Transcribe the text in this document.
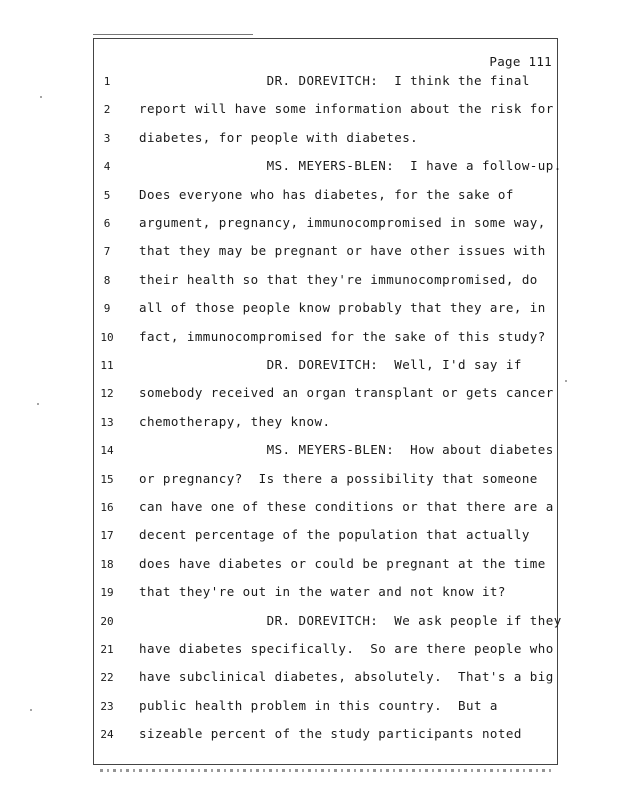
Page 111

1	DR. DOREVITCH:  I think the final
2	report will have some information about the risk for
3	diabetes, for people with diabetes.
4	MS. MEYERS-BLEN:  I have a follow-up.
5	Does everyone who has diabetes, for the sake of
6	argument, pregnancy, immunocompromised in some way,
7	that they may be pregnant or have other issues with
8	their health so that they're immunocompromised, do
9	all of those people know probably that they are, in
10	fact, immunocompromised for the sake of this study?
11	DR. DOREVITCH:  Well, I'd say if
12	somebody received an organ transplant or gets cancer
13	chemotherapy, they know.
14	MS. MEYERS-BLEN:  How about diabetes
15	or pregnancy?  Is there a possibility that someone
16	can have one of these conditions or that there are a
17	decent percentage of the population that actually
18	does have diabetes or could be pregnant at the time
19	that they're out in the water and not know it?
20	DR. DOREVITCH:  We ask people if they
21	have diabetes specifically.  So are there people who
22	have subclinical diabetes, absolutely.  That's a big
23	public health problem in this country.  But a
24	sizeable percent of the study participants noted
